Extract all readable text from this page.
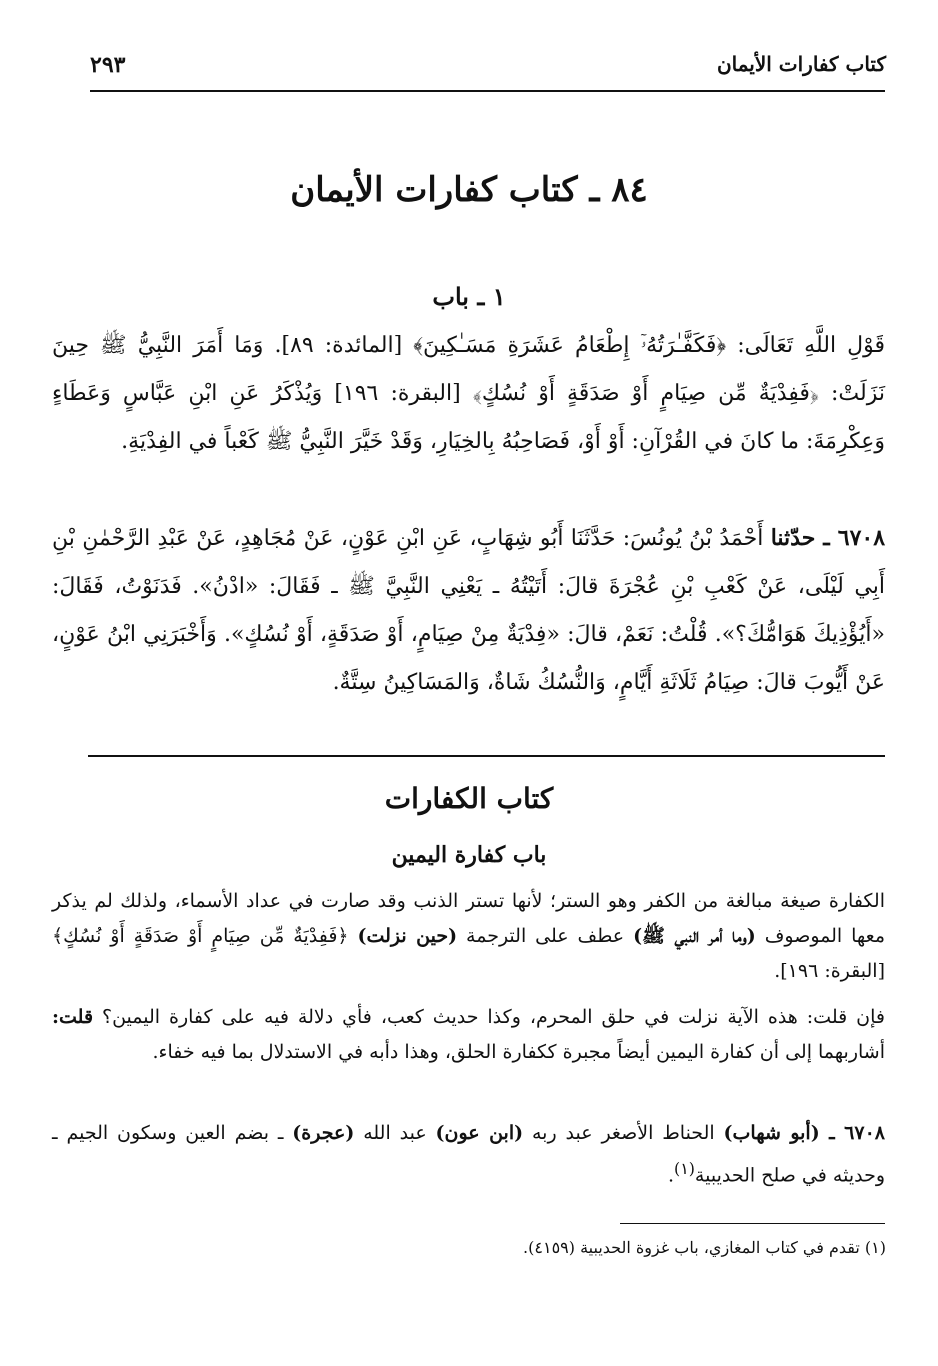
كتاب كفارات الأيمان
٢٩٣
٨٤ ـ كتاب كفارات الأيمان
١ ـ باب
قَوْلِ اللَّهِ تَعَالَى: ﴿فَكَفَّـٰرَتُهُۥٓ إِطْعَامُ عَشَرَةِ مَسَـٰكِينَ﴾ [المائدة: ٨٩]. وَمَا أَمَرَ النَّبِيُّ ﷺ حِينَ نَزَلَتْ: ﴿فَفِدْيَةٌ مِّن صِيَامٍ أَوْ صَدَقَةٍ أَوْ نُسُكٍ﴾ [البقرة: ١٩٦] وَيُذْكَرُ عَنِ ابْنِ عَبَّاسٍ وَعَطَاءٍ وَعِكْرِمَةَ: ما كانَ في القُرْآنِ: أَوْ أَوْ، فَصَاحِبُهُ بِالخِيَارِ، وَقَدْ خَيَّرَ النَّبِيُّ ﷺ كَعْباً في الفِدْيَةِ.
٦٧٠٨ ـ حدّثنا أَحْمَدُ بْنُ يُونُسَ: حَدَّثَنَا أَبُو شِهَابٍ، عَنِ ابْنِ عَوْنٍ، عَنْ مُجَاهِدٍ، عَنْ عَبْدِ الرَّحْمٰنِ بْنِ أَبِي لَيْلَى، عَنْ كَعْبِ بْنِ عُجْرَةَ قالَ: أَتَيْتُهُ ـ يَعْنِي النَّبِيَّ ﷺ ـ فَقَالَ: «ادْنُ». فَدَنَوْتُ، فَقَالَ: «أَيُؤْذِيكَ هَوَامُّكَ؟». قُلْتُ: نَعَمْ، قالَ: «فِدْيَةٌ مِنْ صِيَامٍ، أَوْ صَدَقَةٍ، أَوْ نُسُكٍ». وَأَخْبَرَنِي ابْنُ عَوْنٍ، عَنْ أَيُّوبَ قالَ: صِيَامُ ثَلَاثَةِ أَيَّامٍ، وَالنُّسُكُ شَاةٌ، وَالمَسَاكِينُ سِتَّةٌ.
كتاب الكفارات
باب كفارة اليمين
الكفارة صيغة مبالغة من الكفر وهو الستر؛ لأنها تستر الذنب وقد صارت في عداد الأسماء، ولذلك لم يذكر معها الموصوف (وما أمر النبي ﷺ) عطف على الترجمة (حين نزلت) ﴿فَفِدْيَةٌ مِّن صِيَامٍ أَوْ صَدَقَةٍ أَوْ نُسُكٍ﴾ [البقرة: ١٩٦].
فإن قلت: هذه الآية نزلت في حلق المحرم، وكذا حديث كعب، فأي دلالة فيه على كفارة اليمين؟ قلت: أشاربهما إلى أن كفارة اليمين أيضاً مجبرة ككفارة الحلق، وهذا دأبه في الاستدلال بما فيه خفاء.
٦٧٠٨ ـ (أبو شهاب) الحناط الأصغر عبد ربه (ابن عون) عبد الله (عجرة) ـ بضم العين وسكون الجيم ـ وحديثه في صلح الحديبية$^{(١)}$.
(١) تقدم في كتاب المغازي، باب غزوة الحديبية (٤١٥٩).
